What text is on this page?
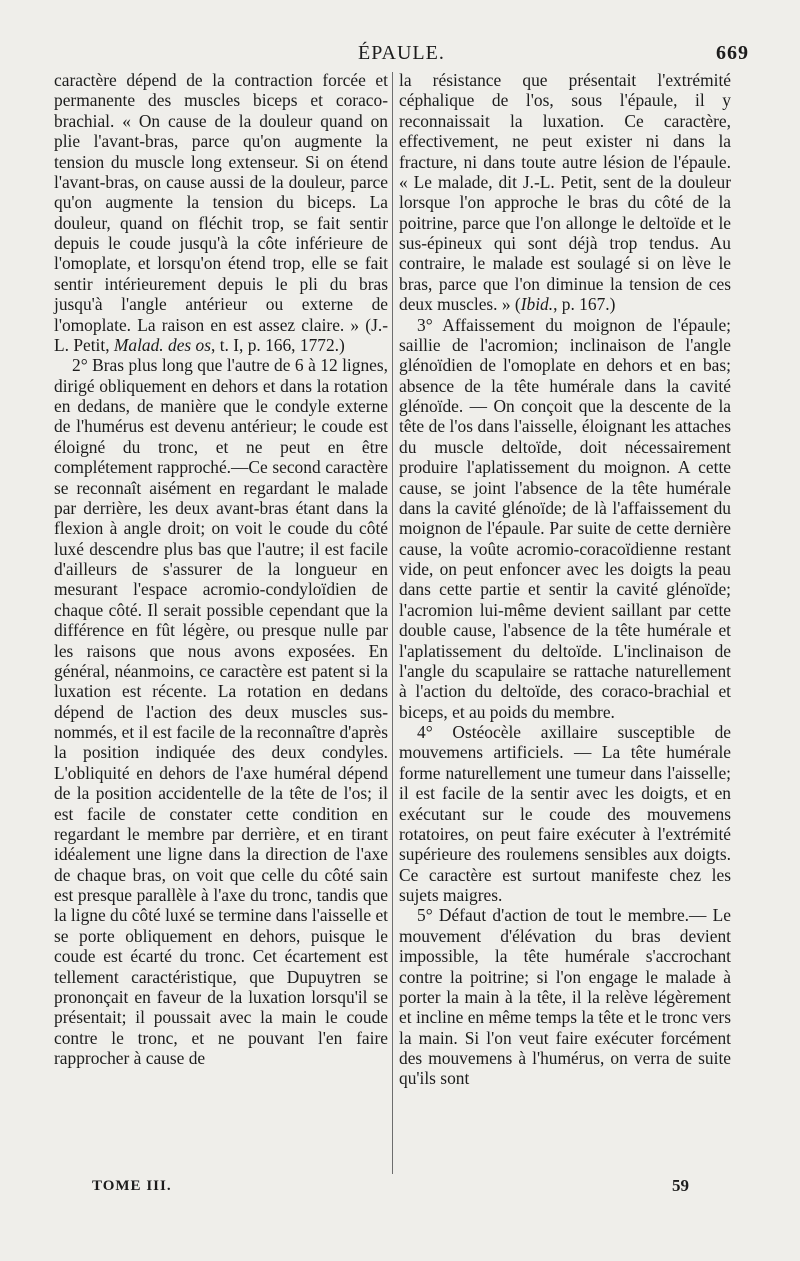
ÉPAULE.	669

caractère dépend de la contraction forcée et permanente des muscles biceps et coraco-brachial. « On cause de la douleur quand on plie l'avant-bras, parce qu'on augmente la tension du muscle long extenseur. Si on étend l'avant-bras, on cause aussi de la douleur, parce qu'on augmente la tension du biceps. La douleur, quand on fléchit trop, se fait sentir depuis le coude jusqu'à la côte inférieure de l'omoplate, et lorsqu'on étend trop, elle se fait sentir intérieurement depuis le pli du bras jusqu'à l'angle antérieur ou externe de l'omoplate. La raison en est assez claire. » (J.-L. Petit, Malad. des os, t. I, p. 166, 1772.)

2° Bras plus long que l'autre de 6 à 12 lignes, dirigé obliquement en dehors et dans la rotation en dedans, de manière que le condyle externe de l'humérus est devenu antérieur; le coude est éloigné du tronc, et ne peut en être complétement rapproché.—Ce second caractère se reconnaît aisément en regardant le malade par derrière, les deux avant-bras étant dans la flexion à angle droit; on voit le coude du côté luxé descendre plus bas que l'autre; il est facile d'ailleurs de s'assurer de la longueur en mesurant l'espace acromio-condyloïdien de chaque côté. Il serait possible cependant que la différence en fût légère, ou presque nulle par les raisons que nous avons exposées. En général, néanmoins, ce caractère est patent si la luxation est récente. La rotation en dedans dépend de l'action des deux muscles sus-nommés, et il est facile de la reconnaître d'après la position indiquée des deux condyles. L'obliquité en dehors de l'axe huméral dépend de la position accidentelle de la tête de l'os; il est facile de constater cette condition en regardant le membre par derrière, et en tirant idéalement une ligne dans la direction de l'axe de chaque bras, on voit que celle du côté sain est presque parallèle à l'axe du tronc, tandis que la ligne du côté luxé se termine dans l'aisselle et se porte obliquement en dehors, puisque le coude est écarté du tronc. Cet écartement est tellement caractéristique, que Dupuytren se prononçait en faveur de la luxation lorsqu'il se présentait; il poussait avec la main le coude contre le tronc, et ne pouvant l'en faire rapprocher à cause de

la résistance que présentait l'extrémité céphalique de l'os, sous l'épaule, il y reconnaissait la luxation. Ce caractère, effectivement, ne peut exister ni dans la fracture, ni dans toute autre lésion de l'épaule. « Le malade, dit J.-L. Petit, sent de la douleur lorsque l'on approche le bras du côté de la poitrine, parce que l'on allonge le deltoïde et le sus-épineux qui sont déjà trop tendus. Au contraire, le malade est soulagé si on lève le bras, parce que l'on diminue la tension de ces deux muscles. » (Ibid., p. 167.)

3° Affaissement du moignon de l'épaule; saillie de l'acromion; inclinaison de l'angle glénoïdien de l'omoplate en dehors et en bas; absence de la tête humérale dans la cavité glénoïde. — On conçoit que la descente de la tête de l'os dans l'aisselle, éloignant les attaches du muscle deltoïde, doit nécessairement produire l'aplatissement du moignon. A cette cause, se joint l'absence de la tête humérale dans la cavité glénoïde; de là l'affaissement du moignon de l'épaule. Par suite de cette dernière cause, la voûte acromio-coracoïdienne restant vide, on peut enfoncer avec les doigts la peau dans cette partie et sentir la cavité glénoïde; l'acromion lui-même devient saillant par cette double cause, l'absence de la tête humérale et l'aplatissement du deltoïde. L'inclinaison de l'angle du scapulaire se rattache naturellement à l'action du deltoïde, des coraco-brachial et biceps, et au poids du membre.

4° Ostéocèle axillaire susceptible de mouvemens artificiels. — La tête humérale forme naturellement une tumeur dans l'aisselle; il est facile de la sentir avec les doigts, et en exécutant sur le coude des mouvemens rotatoires, on peut faire exécuter à l'extrémité supérieure des roulemens sensibles aux doigts. Ce caractère est surtout manifeste chez les sujets maigres.

5° Défaut d'action de tout le membre.— Le mouvement d'élévation du bras devient impossible, la tête humérale s'accrochant contre la poitrine; si l'on engage le malade à porter la main à la tête, il la relève légèrement et incline en même temps la tête et le tronc vers la main. Si l'on veut faire exécuter forcément des mouvemens à l'humérus, on verra de suite qu'ils sont

TOME III.	59
